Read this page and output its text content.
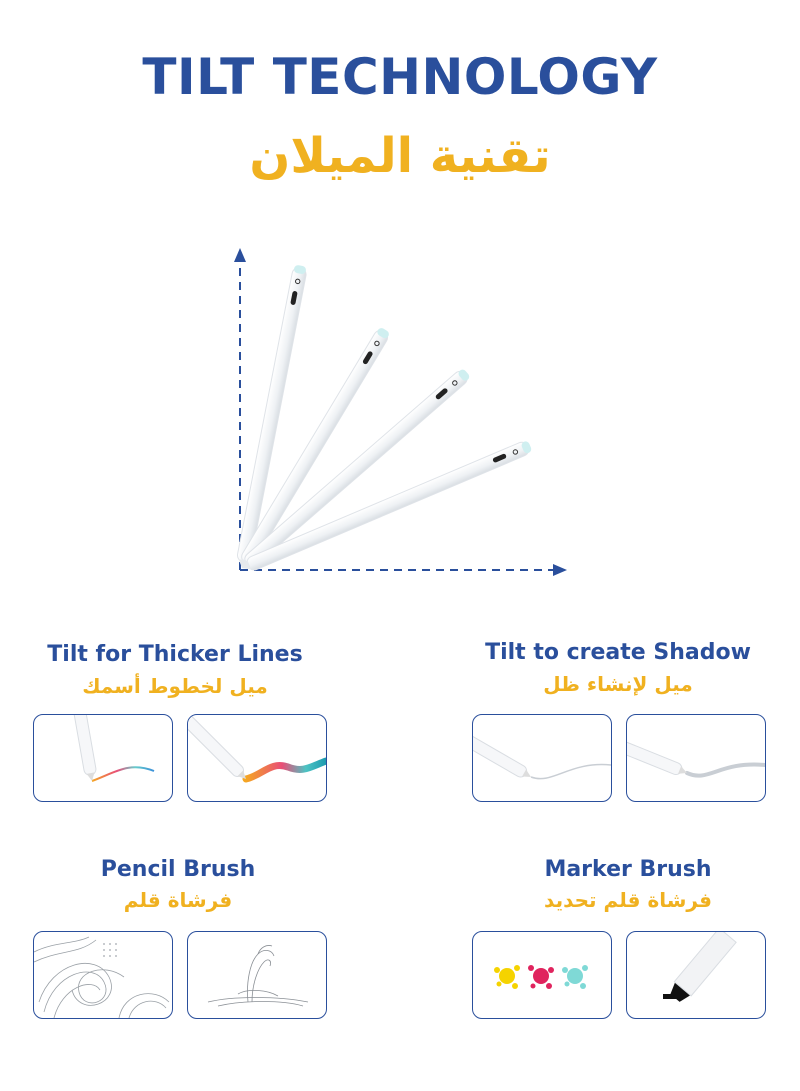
TILT TECHNOLOGY
تقنية الميلان
Tilt for Thicker Lines
ميل لخطوط أسمك
Tilt to create Shadow
ميل لإنشاء ظل
Pencil Brush
فرشاة قلم
Marker Brush
فرشاة قلم تحديد
